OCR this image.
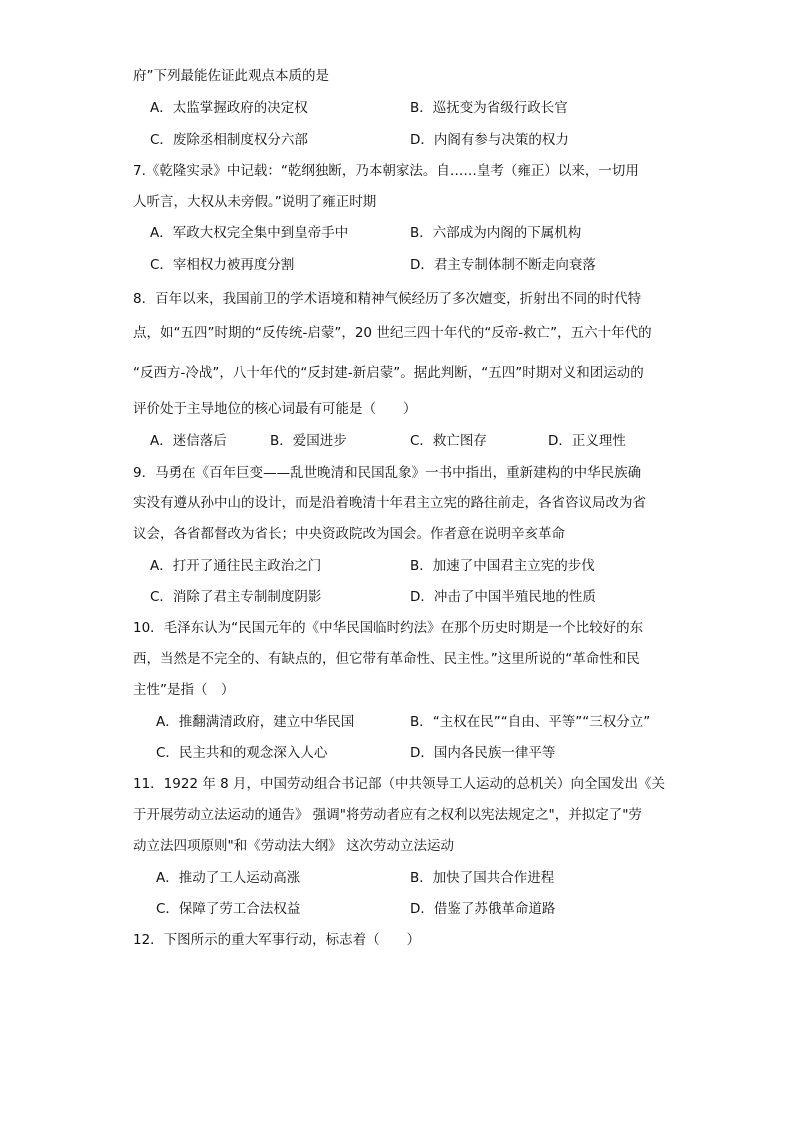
府”下列最能佐证此观点本质的是
A．太监掌握政府的决定权	B．巡抚变为省级行政长官
C．废除丞相制度权分六部	D．内阁有参与决策的权力
7.《乾隆实录》中记载：“乾纲独断，乃本朝家法。自……皇考（雍正）以来，一切用
人听言，大权从未旁假。”说明了雍正时期
A．军政大权完全集中到皇帝手中	B．六部成为内阁的下属机构
C．宰相权力被再度分割	D．君主专制体制不断走向衰落
8．百年以来，我国前卫的学术语境和精神气候经历了多次嬗变，折射出不同的时代特
点，如“五四”时期的“反传统-启蒙”，20 世纪三四十年代的“反帝-救亡”，五六十年代的
“反西方-冷战”，八十年代的“反封建-新启蒙”。据此判断，“五四”时期对义和团运动的
评价处于主导地位的核心词最有可能是（　　）
A．迷信落后	B．爱国进步	C．救亡图存	D．正义理性
9．马勇在《百年巨变——乱世晚清和民国乱象》一书中指出，重新建构的中华民族确
实没有遵从孙中山的设计，而是沿着晚清十年君主立宪的路往前走，各省咨议局改为省
议会，各省都督改为省长；中央资政院改为国会。作者意在说明辛亥革命
A．打开了通往民主政治之门	B．加速了中国君主立宪的步伐
C．消除了君主专制制度阴影	D．冲击了中国半殖民地的性质
10．毛泽东认为“民国元年的《中华民国临时约法》在那个历史时期是一个比较好的东
西，当然是不完全的、有缺点的，但它带有革命性、民主性。”这里所说的“革命性和民
主性”是指（　）
A．推翻满清政府，建立中华民国	B．“主权在民”“自由、平等”“三权分立”
C．民主共和的观念深入人心	D．国内各民族一律平等
11．1922 年 8 月，中国劳动组合书记部（中共领导工人运动的总机关）向全国发出《关
于开展劳动立法运动的通告》 强调"将劳动者应有之权利以宪法规定之"，并拟定了"劳
动立法四项原则"和《劳动法大纲》 这次劳动立法运动
A．推动了工人运动高涨	B．加快了国共合作进程
C．保障了劳工合法权益	D．借鉴了苏俄革命道路
12．下图所示的重大军事行动，标志着（　　）
